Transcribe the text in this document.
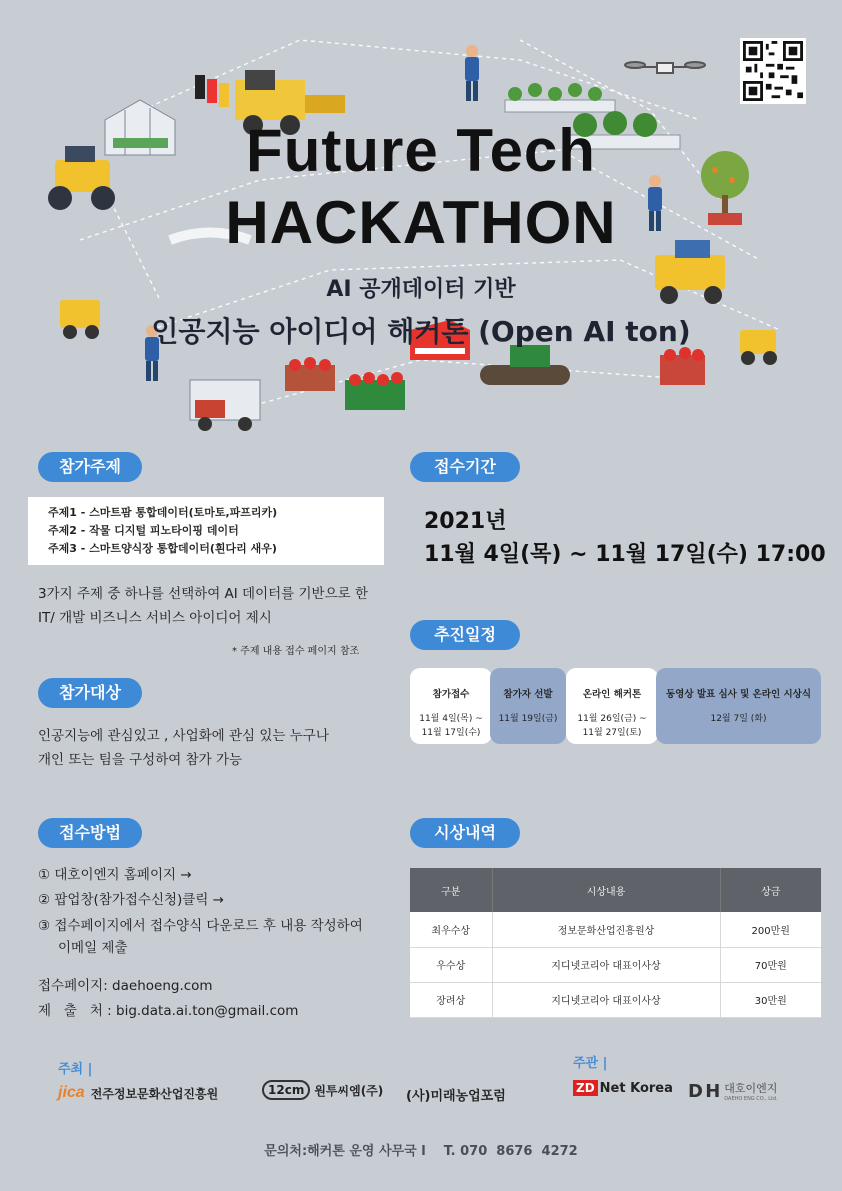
Future Tech
HACKATHON
AI 공개데이터 기반
인공지능 아이디어 해커톤 (Open AI ton)
참가주제
주제1 - 스마트팜 통합데이터(토마토,파프리카)
주제2 - 작물 디지털 피노타이핑 데이터
주제3 - 스마트양식장 통합데이터(흰다리 새우)
3가지 주제 중 하나를 선택하여 AI 데이터를 기반으로 한
IT/ 개발 비즈니스 서비스 아이디어 제시
* 주제 내용 접수 페이지 참조
참가대상
인공지능에 관심있고 , 사업화에 관심 있는 누구나
개인 또는 팀을 구성하여 참가 가능
접수방법
① 대호이엔지 홈페이지 →
② 팝업창(참가접수신청)클릭 →
③ 접수페이지에서 접수양식 다운로드 후 내용 작성하여
이메일 제출
접수페이지: daehoeng.com
제   출   처 : big.data.ai.ton@gmail.com
접수기간
2021년
11월 4일(목) ~ 11월 17일(수) 17:00
추진일정
참가접수
11월 4일(목) ~
11월 17일(수)
참가자 선발
11월 19일(금)
온라인 해커톤
11월 26일(금) ~
11월 27일(토)
동영상 발표 심사 및 온라인 시상식
12월 7일 (화)
시상내역
구분	시상내용	상금
최우수상	정보문화산업진흥원상	200만원
우수상	지디넷코리아 대표이사상	70만원
장려상	지디넷코리아 대표이사상	30만원
주최 |	주관 |
jica 전주정보문화산업진흥원	12cm 원투씨엠(주) (사)미래농업포럼
ZD Net Korea D H 대호이엔지
DAEHO ENG CO., Ltd.
문의처:해커톤 운영 사무국 l    T. 070  8676  4272
